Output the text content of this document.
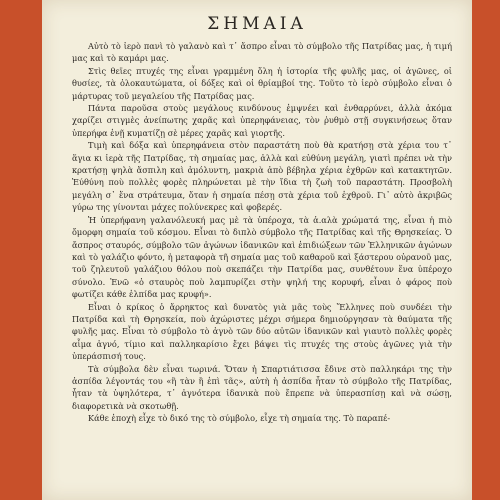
ΣΗΜΑΙΑ

Αὐτὸ τὸ ἱερὸ πανὶ τὸ γαλανὸ καὶ τ᾽ ἄσπρο εἶναι τὸ σύμβολο τῆς Πατρίδας μας, ἡ τιμή μας καὶ τὸ καμάρι μας.

Στὶς θεϊες πτυχές της εἶναι γραμμένη ὅλη ἡ ἱστορία τῆς φυλῆς μας, οἱ ἀγῶνες, οἱ θυσίες, τὰ ὁλοκαυτώματα, οἱ δόξες καὶ οἱ θρίαμβοί της. Τοῦτο τὸ ἱερὸ σύμβολο εἶναι ὁ μάρτυρας τοῦ μεγαλείου τῆς Πατρίδας μας.

Πάντα παροῦσα στοὺς μεγάλους κινδύνους ἐμψνέει καὶ ἐνθαρρύνει, ἀλλὰ ἀκόμα χαρίζει στιγμὲς ἀνείπωτης χαρᾶς καὶ ὑπερηφάνειας, τὸν ῥυθμὸ στῇ συγκινήσεως ὅταν ὑπερήφα ἐνῇ κυματίζῃ σὲ μέρες χαρᾶς καὶ γιορτῆς.

Τιμὴ καὶ δόξα καὶ ὑπερηφάνεια στὸν παραστάτη ποὺ θὰ κρατήσῃ στὰ χέρια του τ᾽ ἅγια κι ἱερὰ τῆς Πατρίδας, τὴ σημαίας μας, ἀλλὰ καὶ εὐθύνη μεγάλη, γιατὶ πρέπει νὰ τὴν κρατήσῃ ψηλὰ ἄσπιλη καὶ ἀμόλυντη, μακριὰ ἀπὸ βέβηλα χέρια ἐχθρῶν καὶ κατακτητῶν. Ἐύθύνη ποὺ πολλὲς φορὲς πληρώνεται μὲ τὴν ἴδια τὴ ζωὴ τοῦ παραστάτη. Προσβολὴ μεγάλη σ᾽ ἕνα στράτευμα, ὅταν ἡ σημαία πέσῃ στὰ χέρια τοῦ ἐχθροῦ. Γι᾽ αὐτὸ ἀκριβῶς γύρω της γίνονται μάχες πολύνεκρες καὶ φοβερές.

Ἡ ὑπερήφανη γαλανόλευκή μας μὲ τὰ ὑπέροχα, τὰ ἁ.αλὰ χρώματά της, εἶναι ἡ πιὸ ὄμορφη σημαία τοῦ κόσμου. Εἶναι τὸ διπλὸ σύμβολο τῆς Πατρίδας καὶ τῆς Θρησκείας. Ὁ ἄσπρος σταυρός, σύμβολο τῶν ἀγώνων ἰδανικῶν καὶ ἐπιδιώξεων τῶν Ἑλληνικῶν ἀγώνων καὶ τὸ γαλάζιο φόντο, ἡ μεταφορὰ τῆ σημαία μας τοῦ καθαροῦ καὶ ξάστερου οὐρανοῦ μας, τοῦ ζηλευτοῦ γαλάζιου θόλου ποὺ σκεπάζει τὴν Πατρίδα μας, συνθέτουν ἕνα ὑπέροχο σύνολο. Ἐνῶ «ὁ σταυρὸς ποὺ λαμπυρίζει στὴν ψηλή της κορυφή, εἶναι ὁ φάρος ποὺ φωτίζει κάθε ἐλπίδα μας κρυφή».

Εἶναι ὁ κρίκος ὁ ἄρρηκτος καὶ δυνατὸς γιὰ μᾶς τοὺς Ἕλληνες ποὺ συνδέει τὴν Πατρίδα καὶ τὴ Θρησκεία, ποὺ ἀχώριστες μέχρι σήμερα δημιούργησαν τὰ θαύματα τῆς φυλῆς μας. Εἶναι τὸ σύμβολο τὸ ἁγνὸ τῶν δύο αὐτῶν ἰδανικῶν καὶ γιαυτὸ πολλὲς φορὲς αἷμα ἁγνό, τίμιο καὶ παλληκαρίσιο ἔχει βάψει τὶς πτυχές της στοὺς ἀγῶνες γιὰ τὴν ὑπεράσπισή τους.

Τὰ σύμβολα δὲν εἶναι τωρινά. Ὅταν ἡ Σπαρτιάτισσα ἔδινε στὸ παλληκάρι της τὴν ἀσπίδα λέγοντάς του «ἢ τὰν ἢ ἐπὶ τᾶς», αὐτὴ ἡ ἀσπίδα ἦταν τὸ σύμβολο τῆς Πατρίδας, ἦταν τὰ ὑψηλότερα, τ᾽ ἀγνότερα ἰδανικὰ ποὺ ἔπρεπε νὰ ὑπερασπίσῃ καὶ νὰ σώσῃ, διαφορετικὰ νὰ σκοτωθῇ.

Κάθε ἐποχὴ εἶχε τὸ δικό της τὸ σύμβολο, εἶχε τὴ σημαία της. Τὸ παραπέ-
